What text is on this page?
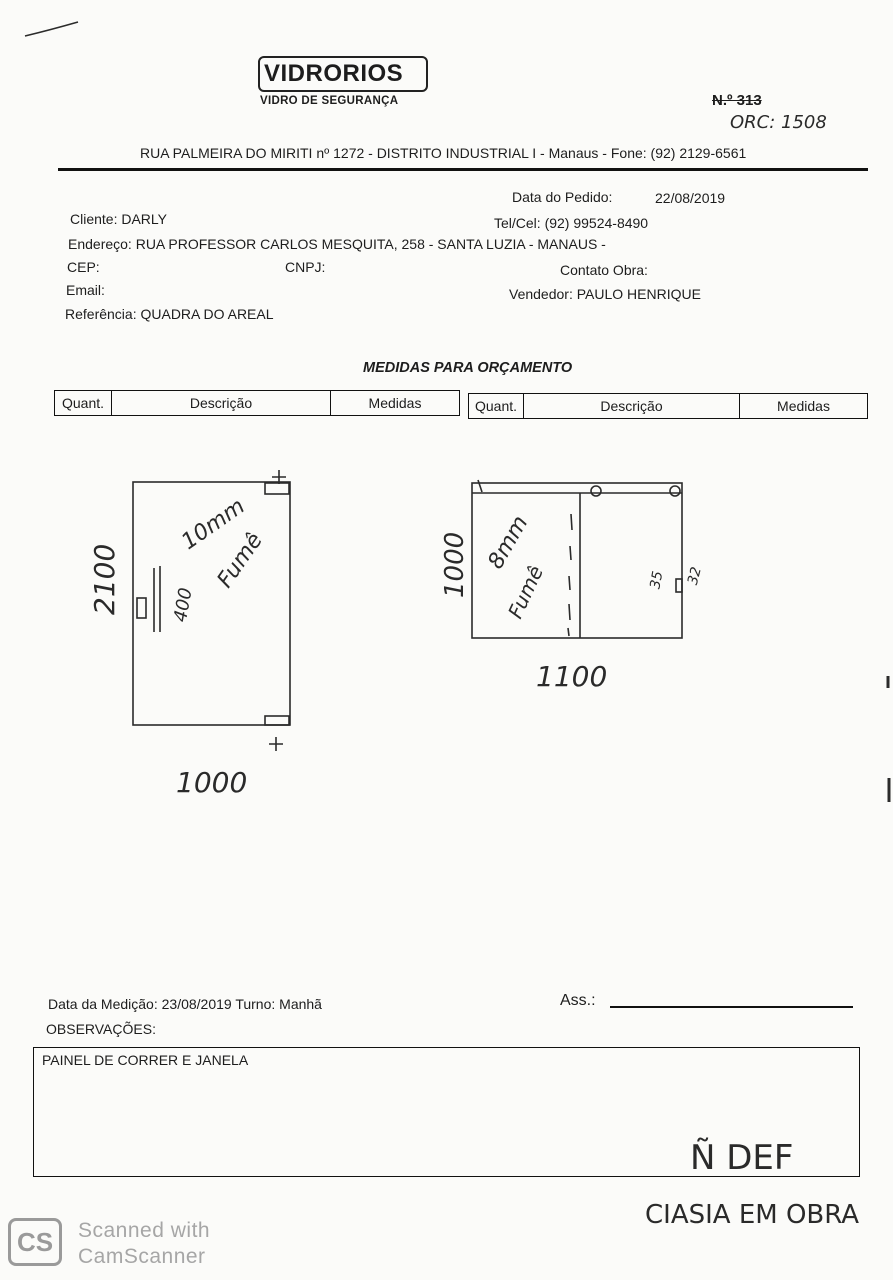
VIDRORIOS
VIDRO DE SEGURANÇA	N.º 313
ORC: 1508
RUA PALMEIRA DO MIRITI nº 1272 - DISTRITO INDUSTRIAL I - Manaus - Fone: (92) 2129-6561
Data do Pedido:	22/08/2019
Cliente: DARLY	Tel/Cel: (92) 99524-8490
Endereço: RUA PROFESSOR CARLOS MESQUITA, 258 - SANTA LUZIA - MANAUS -
CEP:	CNPJ:	Contato Obra:
Email:	Vendedor: PAULO HENRIQUE
Referência: QUADRA DO AREAL
MEDIDAS PARA ORÇAMENTO
Quant.	Descrição	Medidas	Quant.	Descrição	Medidas
2100
10mm
Fumê
400
1000
1000 8mm
Fumê	35 32
1100
Data da Medição: 23/08/2019 Turno: Manhã	Ass.:
OBSERVAÇÕES:
PAINEL DE CORRER E JANELA
Ñ DEF
CIASIA EM OBRA
CS	Scanned with
CamScanner
